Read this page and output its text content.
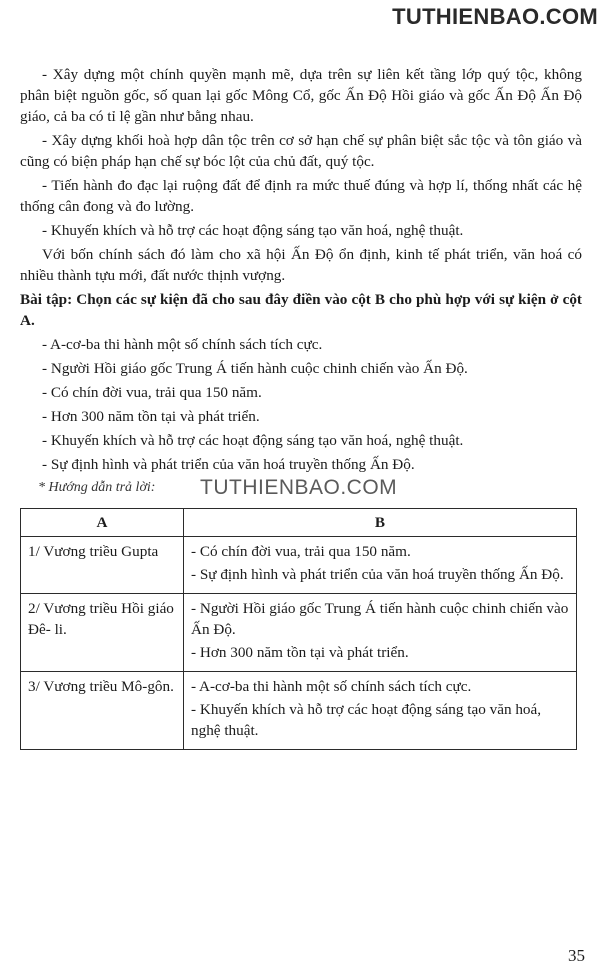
TUTHIENBAO.COM

- Xây dựng một chính quyền mạnh mẽ, dựa trên sự liên kết tầng lớp quý tộc, không phân biệt nguồn gốc, số quan lại gốc Mông Cổ, gốc Ấn Độ Hồi giáo và gốc Ấn Độ Ấn Độ giáo, cả ba có tỉ lệ gần như bằng nhau.

- Xây dựng khối hoà hợp dân tộc trên cơ sở hạn chế sự phân biệt sắc tộc và tôn giáo và cũng có biện pháp hạn chế sự bóc lột của chủ đất, quý tộc.

- Tiến hành đo đạc lại ruộng đất để định ra mức thuế đúng và hợp lí, thống nhất các hệ thống cân đong và đo lường.

- Khuyến khích và hỗ trợ các hoạt động sáng tạo văn hoá, nghệ thuật.

Với bốn chính sách đó làm cho xã hội Ấn Độ ổn định, kinh tế phát triển, văn hoá có nhiều thành tựu mới, đất nước thịnh vượng.

Bài tập: Chọn các sự kiện đã cho sau đây điền vào cột B cho phù hợp với sự kiện ở cột A.

- A-cơ-ba thi hành một số chính sách tích cực.

- Người Hồi giáo gốc Trung Á tiến hành cuộc chinh chiến vào Ấn Độ.

- Có chín đời vua, trải qua 150 năm.

- Hơn 300 năm tồn tại và phát triển.

- Khuyến khích và hỗ trợ các hoạt động sáng tạo văn hoá, nghệ thuật.

- Sự định hình và phát triển của văn hoá truyền thống Ấn Độ.

* Hướng dẫn trả lời: TUTHIENBAO.COM
A	B
1/ Vương triều Gupta	- Có chín đời vua, trải qua 150 năm.
- Sự định hình và phát triển của văn hoá truyền thống Ấn Độ.

2/ Vương triều Hồi giáo Đê- li.	- Người Hồi giáo gốc Trung Á tiến hành cuộc chinh chiến vào Ấn Độ.
- Hơn 300 năm tồn tại và phát triển.

3/ Vương triều Mô-gôn.	- A-cơ-ba thi hành một số chính sách tích cực.
- Khuyến khích và hỗ trợ các hoạt động sáng tạo văn hoá, nghệ thuật.
35
